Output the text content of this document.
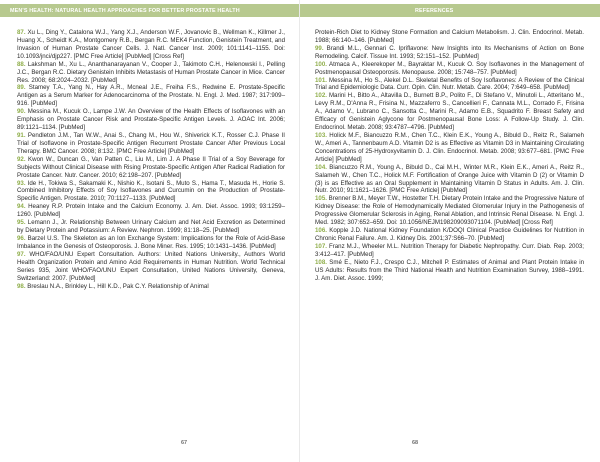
MEN'S HEALTH: NATURAL HEALTH APPROACHES FOR BETTER PROSTATE HEALTH

87. Xu L., Ding Y., Catalona W.J., Yang X.J., Anderson W.F., Jovanovic B., Wellman K., Killmer J., Huang X., Scheidt K.A., Montgomery R.B., Bergan R.C. MEK4 Function, Genistein Treatment, and Invasion of Human Prostate Cancer Cells. J. Natl. Cancer Inst. 2009; 101:1141–1155. Doi: 10.1093/jnci/djp227. [PMC Free Article] [PubMed] [Cross Ref]

88. Lakshman M., Xu L., Ananthanarayanan V., Cooper J., Takimoto C.H., Helenowski I., Pelling J.C., Bergan R.C. Dietary Genistein Inhibits Metastasis of Human Prostate Cancer in Mice. Cancer Res. 2008; 68:2024–2032. [PubMed]

89. Stamey T.A., Yang N., Hay A.R., McneaI J.E., Freiha F.S., Redwine E. Prostate-Specific Antigen as a Serum Marker for Adenocarcinoma of the Prostate. N. Engl. J. Med. 1987; 317:909–916. [PubMed]

90. Messina M., Kucuk O., Lampe J.W. An Overview of the Health Effects of Isoflavones with an Emphasis on Prostate Cancer Risk and Prostate-Specific Antigen Levels. J. AOAC Int. 2006; 89:1121–1134. [PubMed]

91. Pendleton J.M., Tan W.W., Anai S., Chang M., Hou W., Shiverick K.T., Rosser C.J. Phase II Trial of Isoflavone in Prostate-Specific Antigen Recurrent Prostate Cancer After Previous Local Therapy. BMC Cancer. 2008; 8:132. [PMC Free Article] [PubMed]

92. Kwon W., Duncan G., Van Patten C., Liu M., Lim J. A Phase II Trial of a Soy Beverage for Subjects Without Clinical Disease with Rising Prostate-Specific Antigen After Radical Radiation for Prostate Cancer. Nutr. Cancer. 2010; 62:198–207. [PubMed]

93. Ide H., Tokiwa S., Sakamaki K., Nishio K., Isotani S., Muto S., Hama T., Masuda H., Horie S. Combined Inhibitory Effects of Soy Isoflavones and Curcumin on the Production of Prostate-Specific Antigen. Prostate. 2010; 70:1127–1133. [PubMed]

94. Heaney R.P. Protein Intake and the Calcium Economy. J. Am. Diet. Assoc. 1993; 93:1259–1260. [PubMed]

95. Lemann J., Jr. Relationship Between Urinary Calcium and Net Acid Excretion as Determined by Dietary Protein and Potassium: A Review. Nephron. 1999; 81:18–25. [PubMed]

96. Barzel U.S. The Skeleton as an Ion Exchange System: Implications for the Role of Acid-Base Imbalance in the Genesis of Osteoporosis. J. Bone Miner. Res. 1995; 10:1431–1436. [PubMed]

97. WHO/FAO/UNU Expert Consultation. Authors: United Nations University., Authors World Health Organization Protein and Amino Acid Requirements in Human Nutrition. World Technical Series 935, Joint WHO/FAO/UNU Expert Consultation, United Nations University, Geneva, Switzerland: 2007. [PubMed]

98. Breslau N.A., Brinkley L., Hill K.D., Pak C.Y. Relationship of Animal

67
REFERENCES

Protein-Rich Diet to Kidney Stone Formation and Calcium Metabolism. J. Clin. Endocrinol. Metab. 1988; 66:140–146. [PubMed]

99. Brandi M.L., Gennari C. Ipriflavone: New Insights into Its Mechanisms of Action on Bone Remodeling. Calcif. Tissue Int. 1993; 52:151–152. [PubMed]

100. Atmaca A., Kleerekoper M., Bayraktar M., Kucuk O. Soy Isoflavones in the Management of Postmenopausal Osteoporosis. Menopause. 2008; 15:748–757. [PubMed]

101. Messina M., Ho S., Alekel D.L. Skeletal Benefits of Soy Isoflavones: A Review of the Clinical Trial and Epidemiologic Data. Curr. Opin. Clin. Nutr. Metab. Care. 2004; 7:649–658. [PubMed]

102. Marini H., Bitto A., Altavilla D., Burnett B.P., Polito F., Di Stefano V., Minutoli L., Atteritano M., Levy R.M., D'Anna R., Frisina N., Mazzaferro S., Cancellieri F., Cannata M.L., Corrado F., Frisina A., Adamo V., Lubrano C., Sansotta C., Marini R., Adamo E.B., Squadrito F. Breast Safety and Efficacy of Genistein Aglycone for Postmenopausal Bone Loss: A Follow-Up Study. J. Clin. Endocrinol. Metab. 2008; 93:4787–4796. [PubMed]

103. Holick M.F., Biancuzzo R.M., Chen T.C., Klein E.K., Young A., Bibuld D., Reitz R., Salameh W., Ameri A., Tannenbaum A.D. Vitamin D2 is as Effective as Vitamin D3 in Maintaining Circulating Concentrations of 25-Hydroxyvitamin D. J. Clin. Endocrinol. Metab. 2008; 93:677–681. [PMC Free Article] [PubMed]

104. Biancuzzo R.M., Young A., Bibuld D., Cai M.H., Winter M.R., Klein E.K., Ameri A., Reitz R., Salameh W., Chen T.C., Holick M.F. Fortification of Orange Juice with Vitamin D (2) or Vitamin D (3) is as Effective as an Oral Supplement in Maintaining Vitamin D Status in Adults. Am. J. Clin. Nutr. 2010; 91:1621–1626. [PMC Free Article] [PubMed]

105. Brenner B.M., Meyer T.W., Hostetter T.H. Dietary Protein Intake and the Progressive Nature of Kidney Disease: the Role of Hemodynamically Mediated Glomerular Injury in the Pathogenesis of Progressive Glomerular Sclerosis in Aging, Renal Ablation, and Intrinsic Renal Disease. N. Engl. J. Med. 1982; 307:652–659. Doi: 10.1056/NEJM198209093071104. [PubMed] [Cross Ref]

106. Kopple J.D. National Kidney Foundation K/DOQI Clinical Practice Guidelines for Nutrition in Chronic Renal Failure. Am. J. Kidney Dis. 2001;37:S66–70. [PubMed]

107. Franz M.J., Wheeler M.L. Nutrition Therapy for Diabetic Nephropathy. Curr. Diab. Rep. 2003; 3:412–417. [PubMed]

108. Smé E., Nieto F.J., Crespo C.J., Mitchell P. Estimates of Animal and Plant Protein Intake in US Adults: Results from the Third National Health and Nutrition Examination Survey, 1988–1991. J. Am. Diet. Assoc. 1999;

68
